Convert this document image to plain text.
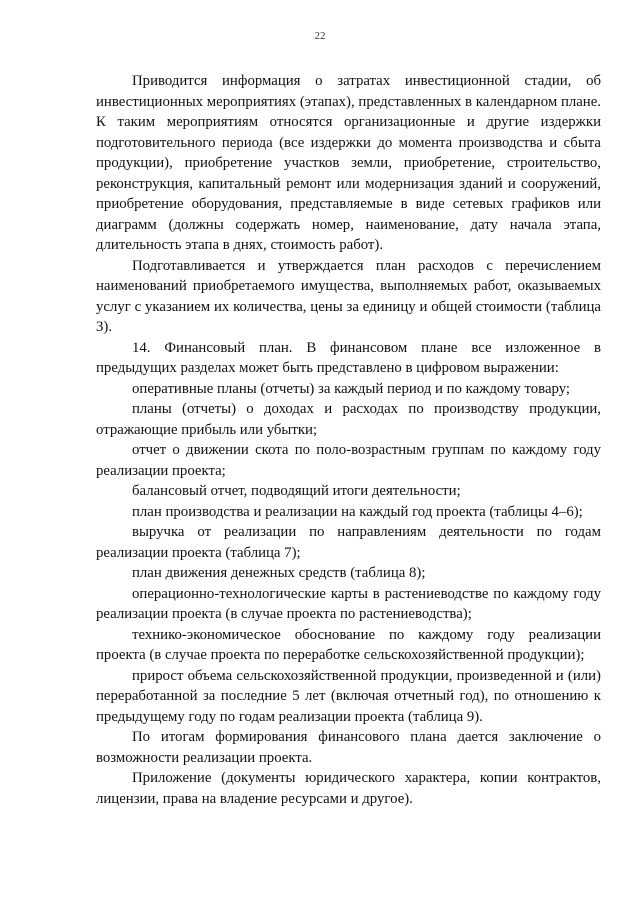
22

Приводится информация о затратах инвестиционной стадии, об инвестиционных мероприятиях (этапах), представленных в календарном плане. К таким мероприятиям относятся организационные и другие издержки подготовительного периода (все издержки до момента производства и сбыта продукции), приобретение участков земли, приобретение, строительство, реконструкция, капитальный ремонт или модернизация зданий и сооружений, приобретение оборудования, представляемые в виде сетевых графиков или диаграмм (должны содержать номер, наименование, дату начала этапа, длительность этапа в днях, стоимость работ).

Подготавливается и утверждается план расходов с перечислением наименований приобретаемого имущества, выполняемых работ, оказываемых услуг с указанием их количества, цены за единицу и общей стоимости (таблица 3).

14. Финансовый план. В финансовом плане все изложенное в предыдущих разделах может быть представлено в цифровом выражении:

оперативные планы (отчеты) за каждый период и по каждому товару;

планы (отчеты) о доходах и расходах по производству продукции, отражающие прибыль или убытки;

отчет о движении скота по поло-возрастным группам по каждому году реализации проекта;

балансовый отчет, подводящий итоги деятельности;

план производства и реализации на каждый год проекта (таблицы 4–6);

выручка от реализации по направлениям деятельности по годам реализации проекта (таблица 7);

план движения денежных средств (таблица 8);

операционно-технологические карты в растениеводстве по каждому году реализации проекта (в случае проекта по растениеводства);

технико-экономическое обоснование по каждому году реализации проекта (в случае проекта по переработке сельскохозяйственной продукции);

прирост объема сельскохозяйственной продукции, произведенной и (или) переработанной за последние 5 лет (включая отчетный год), по отношению к предыдущему году по годам реализации проекта (таблица 9).

По итогам формирования финансового плана дается заключение о возможности реализации проекта.

Приложение (документы юридического характера, копии контрактов, лицензии, права на владение ресурсами и другое).
